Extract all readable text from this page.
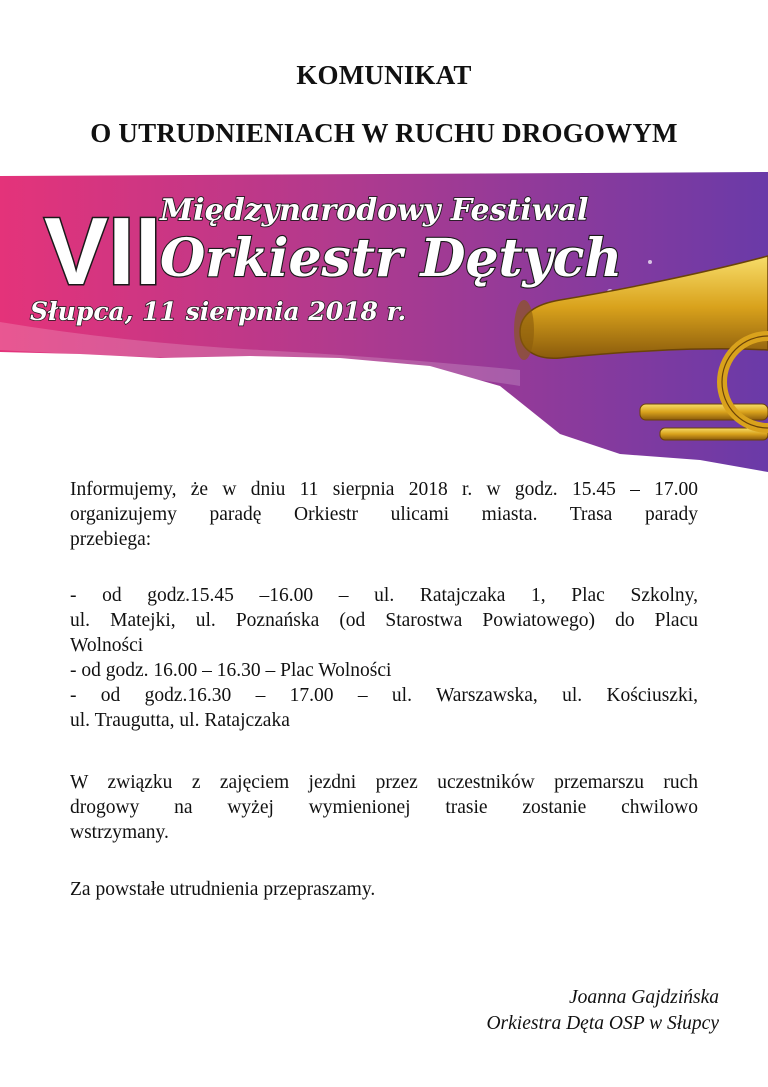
KOMUNIKAT
O UTRUDNIENIACH W RUCHU DROGOWYM
VII
Międzynarodowy Festiwal
Orkiestr Dętych
Słupca, 11 sierpnia 2018 r.

Informujemy, że w dniu 11 sierpnia 2018 r. w godz. 15.45 – 17.00

organizujemy paradę Orkiestr ulicami miasta. Trasa parady

przebiega:

- od godz.15.45 –16.00 – ul. Ratajczaka 1, Plac Szkolny,

ul. Matejki, ul. Poznańska (od Starostwa Powiatowego) do Placu

Wolności

- od godz. 16.00 – 16.30 – Plac Wolności

- od godz.16.30 – 17.00 – ul. Warszawska, ul. Kościuszki,

ul. Traugutta, ul. Ratajczaka

W związku z zajęciem jezdni przez uczestników przemarszu ruch

drogowy na wyżej wymienionej trasie zostanie chwilowo

wstrzymany.

Za powstałe utrudnienia przepraszamy.

Joanna Gajdzińska
Orkiestra Dęta OSP w Słupcy
